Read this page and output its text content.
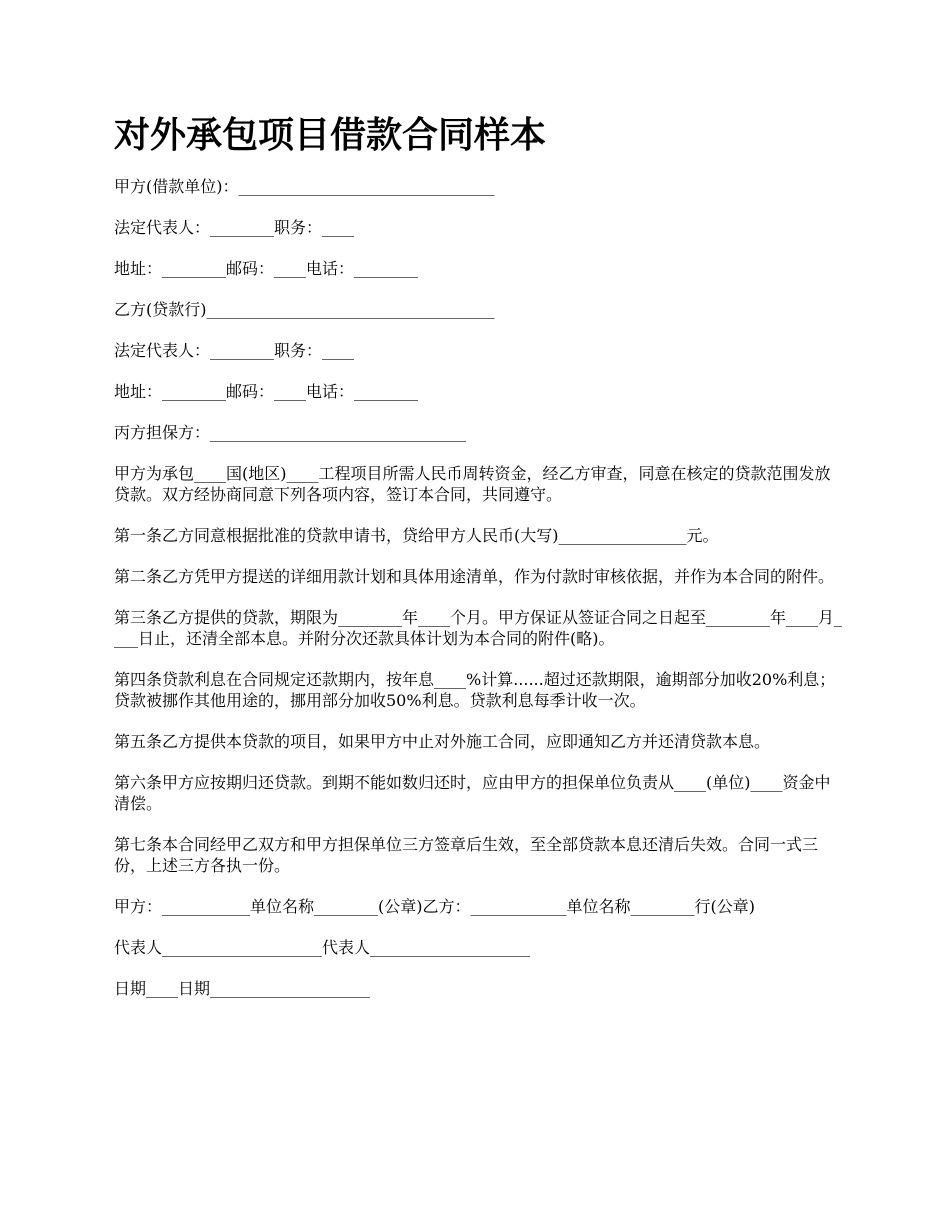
对外承包项目借款合同样本

甲方(借款单位)：________________________________

法定代表人：________职务：____

地址：________邮码：____电话：________

乙方(贷款行)____________________________________

法定代表人：________职务：____

地址：________邮码：____电话：________

丙方担保方：________________________________

甲方为承包____国(地区)____工程项目所需人民币周转资金，经乙方审查，同意在核定的贷款范围发放贷款。双方经协商同意下列各项内容，签订本合同，共同遵守。

第一条乙方同意根据批准的贷款申请书，贷给甲方人民币(大写)________________元。

第二条乙方凭甲方提送的详细用款计划和具体用途清单，作为付款时审核依据，并作为本合同的附件。

第三条乙方提供的贷款，期限为________年____个月。甲方保证从签证合同之日起至________年____月____日止，还清全部本息。并附分次还款具体计划为本合同的附件(略)。

第四条贷款利息在合同规定还款期内，按年息____%计算......超过还款期限，逾期部分加收20%利息；贷款被挪作其他用途的，挪用部分加收50%利息。贷款利息每季计收一次。

第五条乙方提供本贷款的项目，如果甲方中止对外施工合同，应即通知乙方并还清贷款本息。

第六条甲方应按期归还贷款。到期不能如数归还时，应由甲方的担保单位负责从____(单位)____资金中清偿。

第七条本合同经甲乙双方和甲方担保单位三方签章后生效，至全部贷款本息还清后失效。合同一式三份，上述三方各执一份。

甲方：___________单位名称________(公章)乙方：____________单位名称________行(公章)

代表人____________________代表人____________________

日期____日期____________________
